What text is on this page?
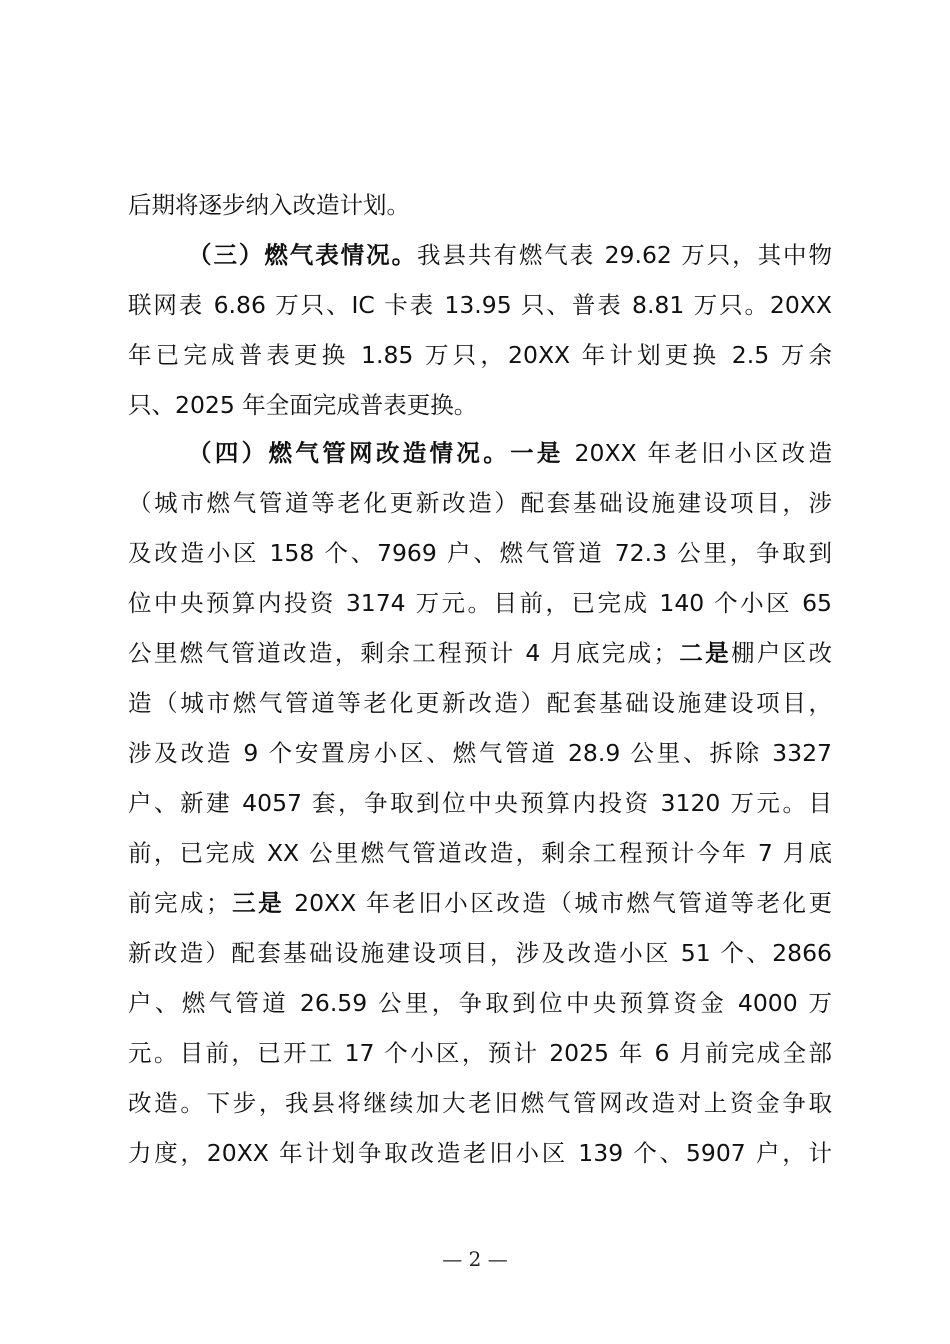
后期将逐步纳入改造计划。
（三）燃气表情况。我县共有燃气表 29.62 万只，其中物
联网表 6.86 万只、IC 卡表 13.95 只、普表 8.81 万只。20XX
年已完成普表更换 1.85 万只，20XX 年计划更换 2.5 万余
只、2025 年全面完成普表更换。
（四）燃气管网改造情况。一是 20XX 年老旧小区改造
（城市燃气管道等老化更新改造）配套基础设施建设项目，涉
及改造小区 158 个、7969 户、燃气管道 72.3 公里，争取到
位中央预算内投资 3174 万元。目前，已完成 140 个小区 65
公里燃气管道改造，剩余工程预计 4 月底完成；二是棚户区改
造（城市燃气管道等老化更新改造）配套基础设施建设项目，
涉及改造 9 个安置房小区、燃气管道 28.9 公里、拆除 3327
户、新建 4057 套，争取到位中央预算内投资 3120 万元。目
前，已完成 XX 公里燃气管道改造，剩余工程预计今年 7 月底
前完成；三是 20XX 年老旧小区改造（城市燃气管道等老化更
新改造）配套基础设施建设项目，涉及改造小区 51 个、2866
户、燃气管道 26.59 公里，争取到位中央预算资金 4000 万
元。目前，已开工 17 个小区，预计 2025 年 6 月前完成全部
改造。下步，我县将继续加大老旧燃气管网改造对上资金争取
力度，20XX 年计划争取改造老旧小区 139 个、5907 户，计
— 2 —
